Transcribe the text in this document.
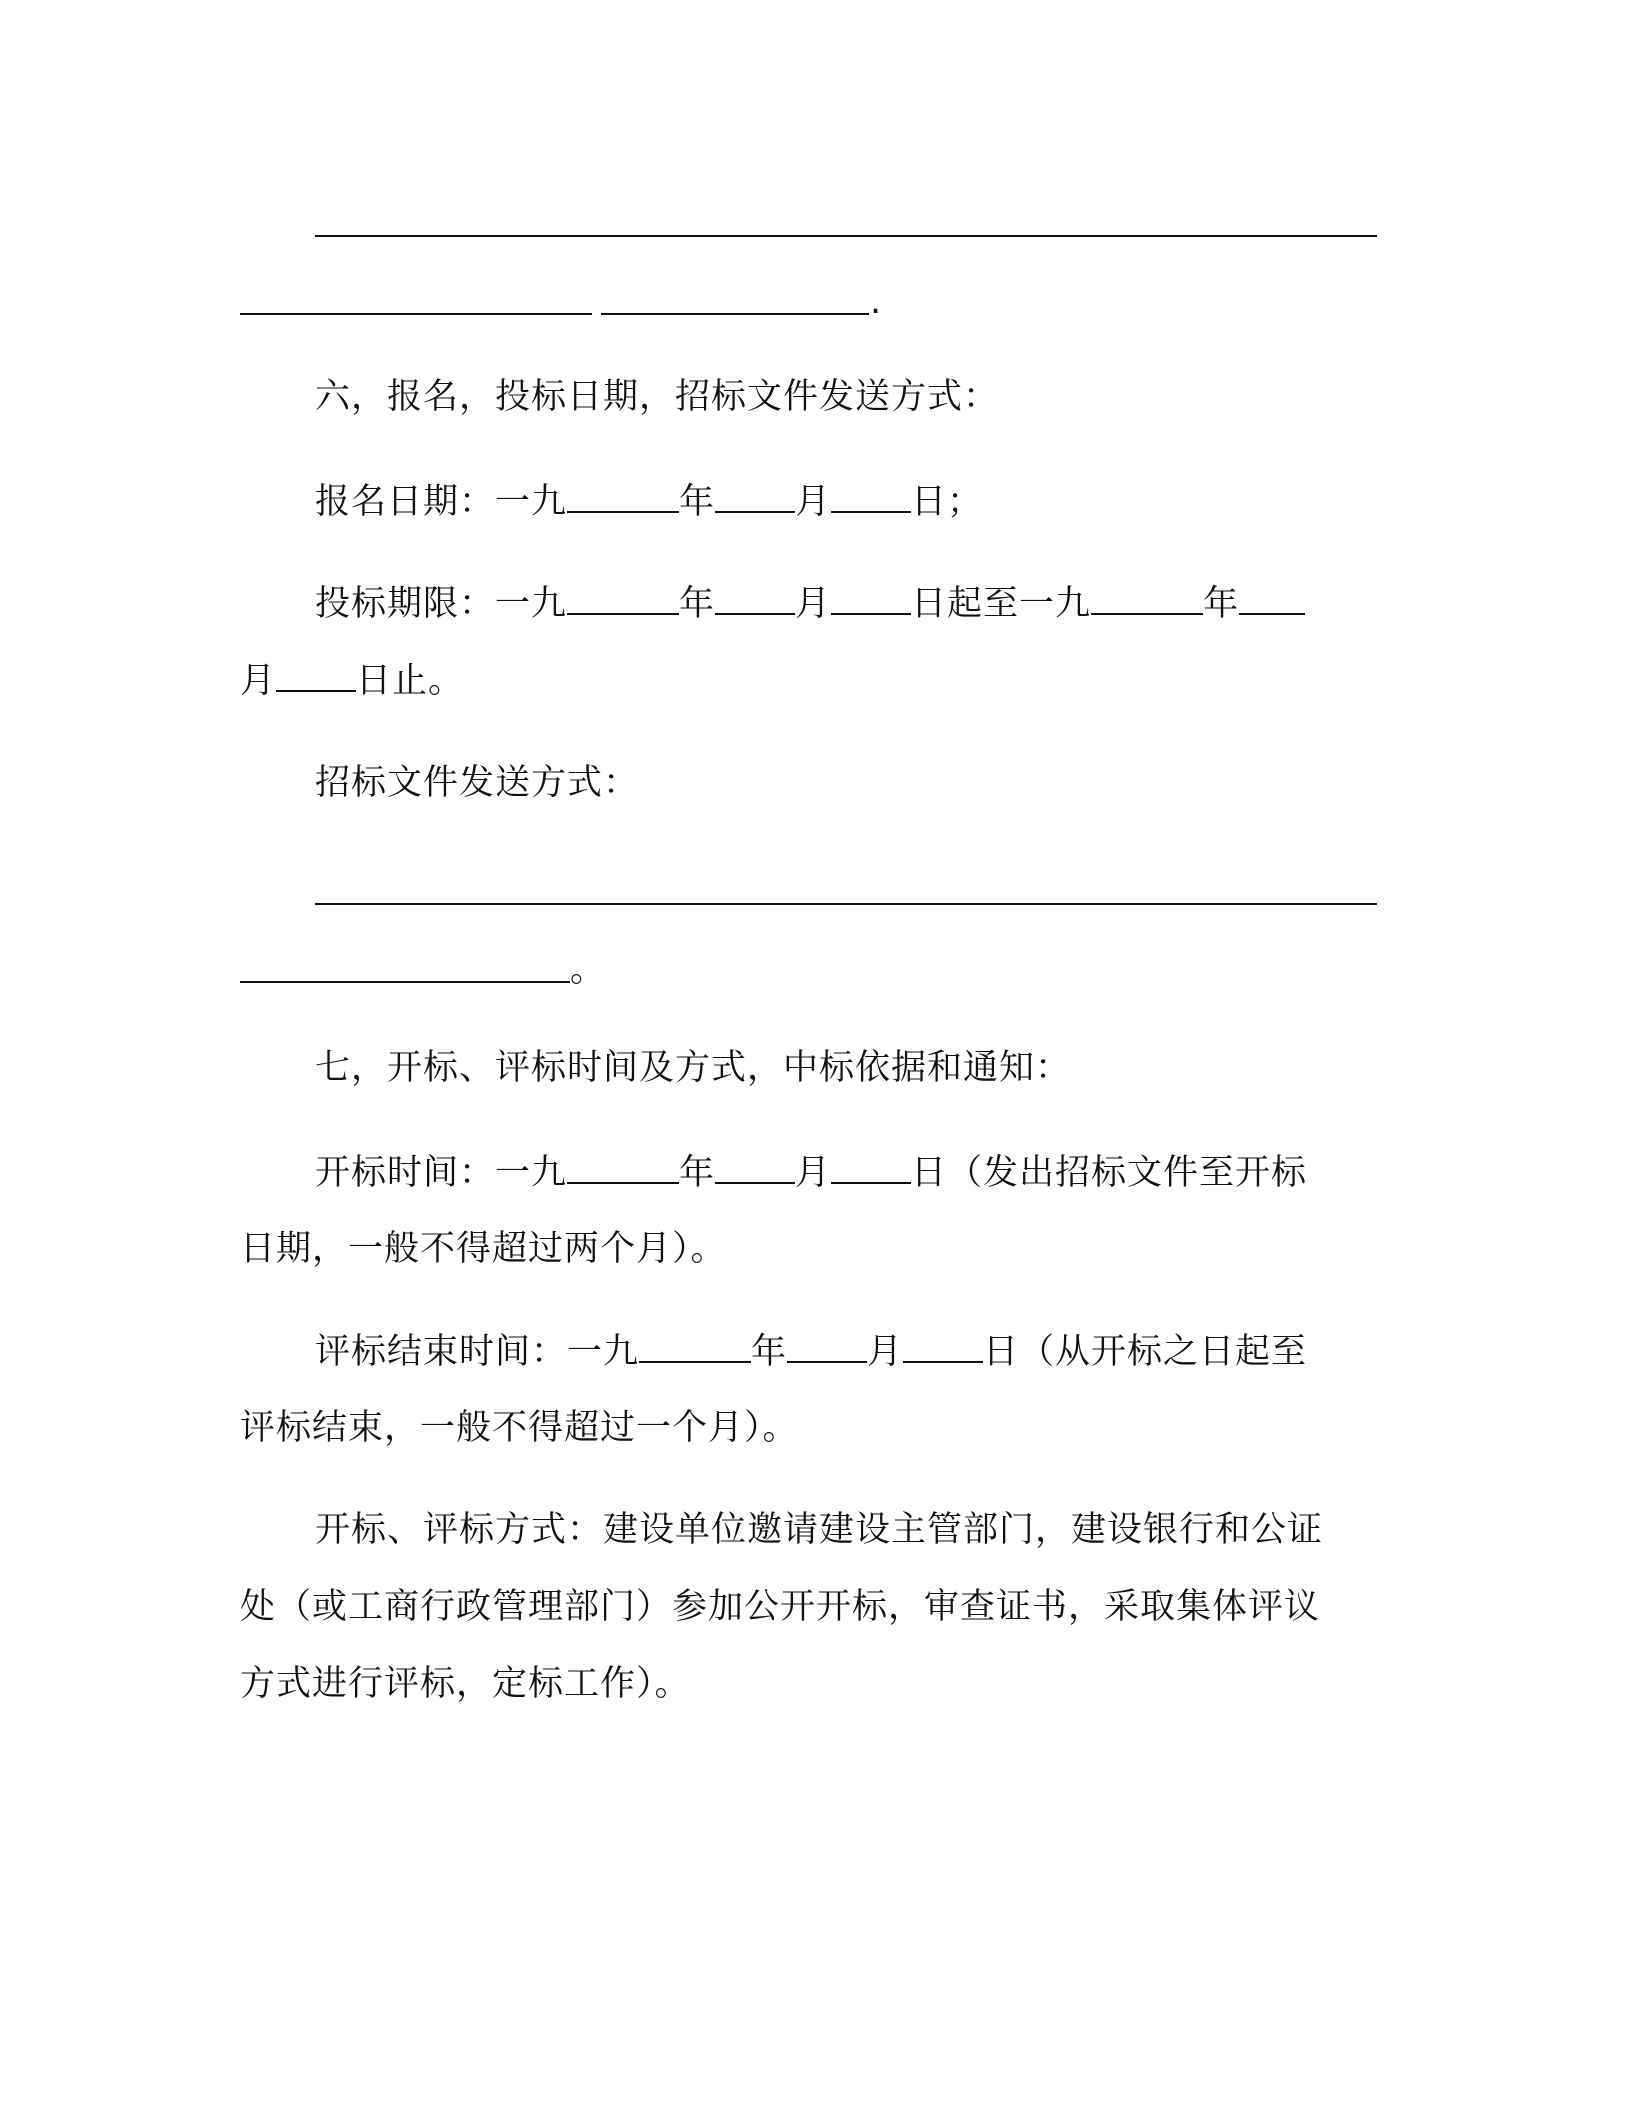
.
六，报名，投标日期，招标文件发送方式：
报名日期：一九	年 月 日；
投标期限：一九	年 月 日起至一九	年
月 日止。
招标文件发送方式：
。
七，开标、评标时间及方式，中标依据和通知：
开标时间：一九	年 月 日（发出招标文件至开标
日期，一般不得超过两个月）。
评标结束时间：一九	年 月 日（从开标之日起至
评标结束，一般不得超过一个月）。
开标、评标方式：建设单位邀请建设主管部门，建设银行和公证
处（或工商行政管理部门）参加公开开标，审查证书，采取集体评议
方式进行评标，定标工作）。
